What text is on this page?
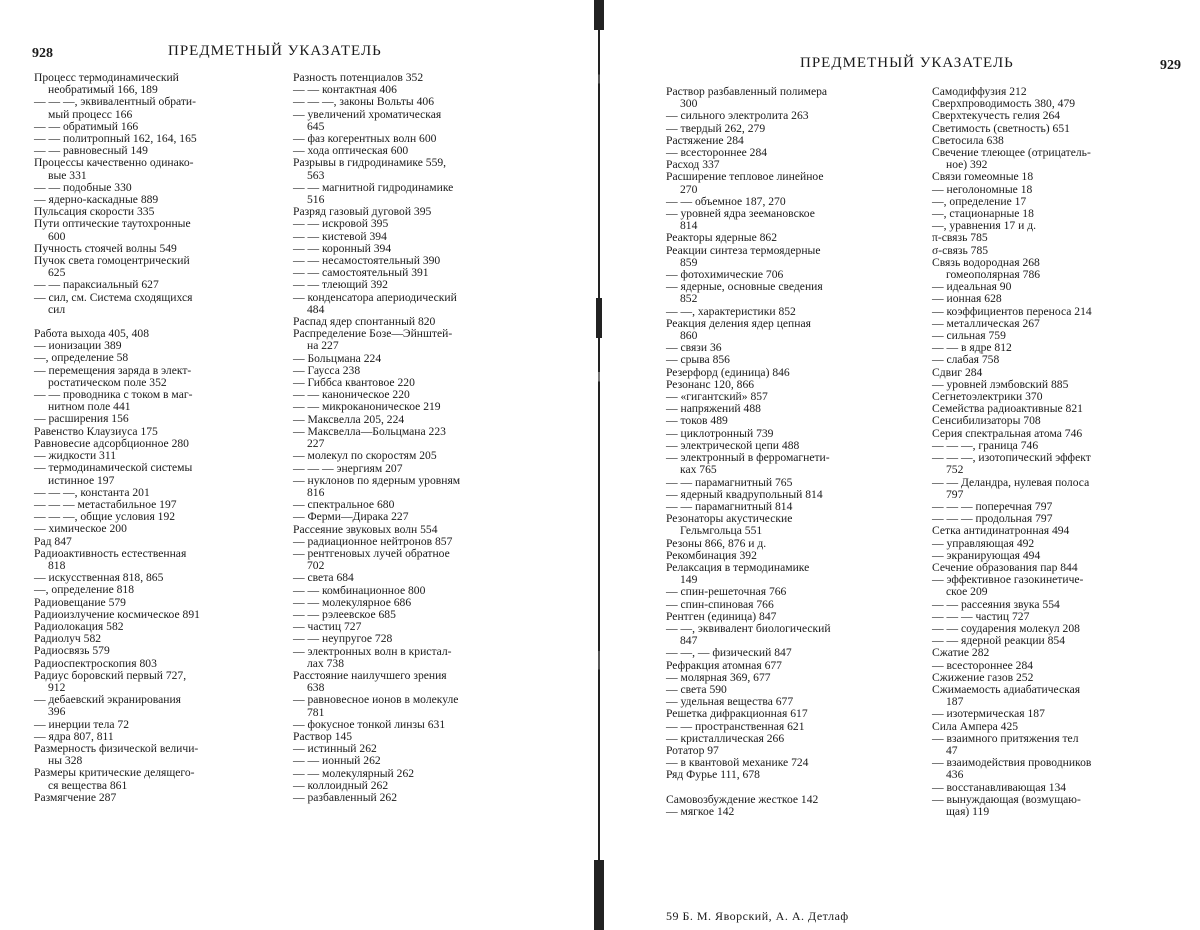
928	ПРЕДМЕТНЫЙ УКАЗАТЕЛЬ
Процесс термодинамический
необратимый 166, 189
— — —, эквивалентный обрати-
мый процесс 166
— — обратимый 166
— — политропный 162, 164, 165
— — равновесный 149
Процессы качественно одинако-
вые 331
— — подобные 330
— ядерно-каскадные 889
Пульсация скорости 335
Пути оптические таутохронные
600
Пучность стоячей волны 549
Пучок света гомоцентрический
625
— — параксиальный 627
— сил, см. Система сходящихся
сил
Работа выхода 405, 408
— ионизации 389
—, определение 58
— перемещения заряда в элект-
ростатическом поле 352
— — проводника с током в маг-
нитном поле 441
— расширения 156
Равенство Клаузиуса 175
Равновесие адсорбционное 280
— жидкости 311
— термодинамической системы
истинное 197
— — —, константа 201
— — — метастабильное 197
— — —, общие условия 192
— химическое 200
Рад 847
Радиоактивность естественная
818
— искусственная 818, 865
—, определение 818
Радиовещание 579
Радиоизлучение космическое 891
Радиолокация 582
Радиолуч 582
Радиосвязь 579
Радиоспектроскопия 803
Радиус боровский первый 727,
912
— дебаевский экранирования
396
— инерции тела 72
— ядра 807, 811
Размерность физической величи-
ны 328
Размеры критические делящего-
ся вещества 861
Размягчение 287
Разность потенциалов 352
— — контактная 406
— — —, законы Вольты 406
— увеличений хроматическая
645
— фаз когерентных волн 600
— хода оптическая 600
Разрывы в гидродинамике 559,
563
— — магнитной гидродинамике
516
Разряд газовый дуговой 395
— — искровой 395
— — кистевой 394
— — коронный 394
— — несамостоятельный 390
— — самостоятельный 391
— — тлеющий 392
— конденсатора апериодический
484
Распад ядер спонтанный 820
Распределение Бозе—Эйнштей-
на 227
— Больцмана 224
— Гаусса 238
— Гиббса квантовое 220
— — каноническое 220
— — микроканоническое 219
— Максвелла 205, 224
— Максвелла—Больцмана 223
227
— молекул по скоростям 205
— — — энергиям 207
— нуклонов по ядерным уровням
816
— спектральное 680
— Ферми—Дирака 227
Рассеяние звуковых волн 554
— радиационное нейтронов 857
— рентгеновых лучей обратное
702
— света 684
— — комбинационное 800
— — молекулярное 686
— — рэлеевское 685
— частиц 727
— — неупругое 728
— электронных волн в кристал-
лах 738
Расстояние наилучшего зрения
638
— равновесное ионов в молекуле
781
— фокусное тонкой линзы 631
Раствор 145
— истинный 262
— — ионный 262
— — молекулярный 262
— коллоидный 262
— разбавленный 262
ПРЕДМЕТНЫЙ УКАЗАТЕЛЬ	929
Раствор разбавленный полимера
300
— сильного электролита 263
— твердый 262, 279
Растяжение 284
— всестороннее 284
Расход 337
Расширение тепловое линейное
270
— — объемное 187, 270
— уровней ядра зеемановское
814
Реакторы ядерные 862
Реакции синтеза термоядерные
859
— фотохимические 706
— ядерные, основные сведения
852
— —, характеристики 852
Реакция деления ядер цепная
860
— связи 36
— срыва 856
Резерфорд (единица) 846
Резонанс 120, 866
— «гигантский» 857
— напряжений 488
— токов 489
— циклотронный 739
— электрической цепи 488
— электронный в ферромагнети-
ках 765
— — парамагнитный 765
— ядерный квадрупольный 814
— — парамагнитный 814
Резонаторы акустические
Гельмгольца 551
Резоны 866, 876 и д.
Рекомбинация 392
Релаксация в термодинамике
149
— спин-решеточная 766
— спин-спиновая 766
Рентген (единица) 847
— —, эквивалент биологический
847
— —, — физический 847
Рефракция атомная 677
— молярная 369, 677
— света 590
— удельная вещества 677
Решетка дифракционная 617
— — пространственная 621
— кристаллическая 266
Ротатор 97
— в квантовой механике 724
Ряд Фурье 111, 678
Самовозбуждение жесткое 142
— мягкое 142
Самодиффузия 212
Сверхпроводимость 380, 479
Сверхтекучесть гелия 264
Светимость (светность) 651
Светосила 638
Свечение тлеющее (отрицатель-
ное) 392
Связи гомеомные 18
— неголономные 18
—, определение 17
—, стационарные 18
—, уравнения 17 и д.
π-связь 785
σ-связь 785
Связь водородная 268
гомеополярная 786
— идеальная 90
— ионная 628
— коэффициентов переноса 214
— металлическая 267
— сильная 759
— — в ядре 812
— слабая 758
Сдвиг 284
— уровней лэмбовский 885
Сегнетоэлектрики 370
Семейства радиоактивные 821
Сенсибилизаторы 708
Серия спектральная атома 746
— — —, граница 746
— — —, изотопический эффект
752
— — Деландра, нулевая полоса
797
— — — поперечная 797
— — — продольная 797
Сетка антидинатронная 494
— управляющая 492
— экранирующая 494
Сечение образования пар 844
— эффективное газокинетиче-
ское 209
— — рассеяния звука 554
— — — частиц 727
— — соударения молекул 208
— — ядерной реакции 854
Сжатие 282
— всестороннее 284
Сжижение газов 252
Сжимаемость адиабатическая
187
— изотермическая 187
Сила Ампера 425
— взаимного притяжения тел
47
— взаимодействия проводников
436
— восстанавливающая 134
— вынуждающая (возмущаю-
щая) 119
59 Б. М. Яворский, А. А. Детлаф
